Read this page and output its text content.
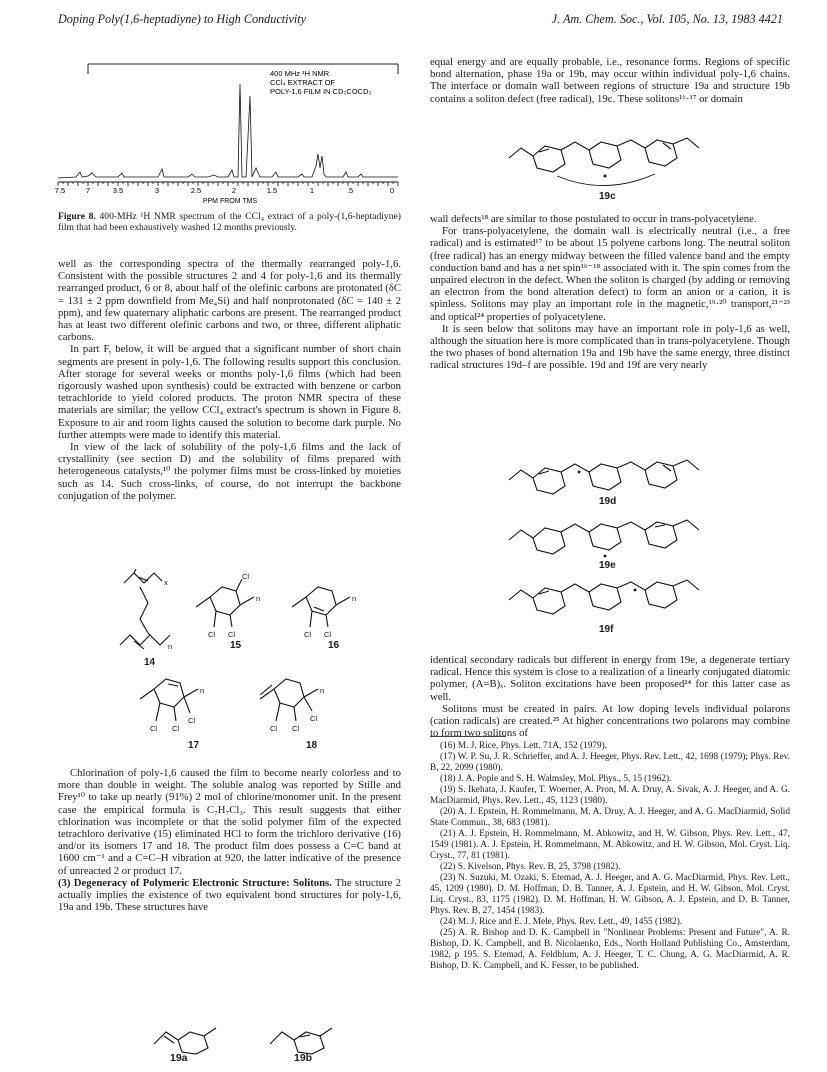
Doping Poly(1,6-heptadiyne) to High Conductivity	J. Am. Chem. Soc., Vol. 105, No. 13, 1983 4421
400 MHz ¹H NMR
CCl₄ EXTRACT OF
POLY-1,6 FILM IN CD₃COCD₃
7.5	7	3.5	3	2.5	2	1.5	1	.5	0
PPM FROM TMS
Figure 8. 400-MHz ¹H NMR spectrum of the CCl₄ extract of a poly-(1,6-heptadiyne) film that had been exhaustively washed 12 months previously.

well as the corresponding spectra of the thermally rearranged poly-1,6. Consistent with the possible structures 2 and 4 for poly-1,6 and its thermally rearranged product, 6 or 8, about half of the olefinic carbons are protonated (δC = 131 ± 2 ppm downfield from Me₄Si) and half nonprotonated (δC = 140 ± 2 ppm), and few quaternary aliphatic carbons are present. The rearranged product has at least two different olefinic carbons and two, or three, different aliphatic carbons.

In part F, below, it will be argued that a significant number of short chain segments are present in poly-1,6. The following results support this conclusion. After storage for several weeks or months poly-1,6 films (which had been rigorously washed upon synthesis) could be extracted with benzene or carbon tetrachloride to yield colored products. The proton NMR spectra of these materials are similar; the yellow CCl₄ extract's spectrum is shown in Figure 8. Exposure to air and room lights caused the solution to become dark purple. No further attempts were made to identify this material.

In view of the lack of solubility of the poly-1,6 films and the lack of crystallinity (see section D) and the solubility of films prepared with heterogeneous catalysts,¹⁰ the polymer films must be cross-linked by moieties such as 14. Such cross-links, of course, do not interrupt the backbone conjugation of the polymer.

x
n
Cl Cl
Cl
n
Cl Cl
n
Cl Cl
Cl
n
Cl Cl
Cl
n
14
15	16
17	18

Chlorination of poly-1,6 caused the film to become nearly colorless and to more than double in weight. The soluble analog was reported by Stille and Frey¹⁰ to take up nearly (91%) 2 mol of chlorine/monomer unit. In the present case the empirical formula is C₇H₇Cl₃. This result suggests that either chlorination was incomplete or that the solid polymer film of the expected tetrachloro derivative (15) eliminated HCl to form the trichloro derivative (16) and/or its isomers 17 and 18. The product film does possess a C=C band at 1600 cm⁻¹ and a C=C–H vibration at 920, the latter indicative of the presence of unreacted 2 or product 17.

(3) Degeneracy of Polymeric Electronic Structure: Solitons. The structure 2 actually implies the existence of two equivalent bond structures for poly-1,6, 19a and 19b. These structures have

19a	19b

equal energy and are equally probable, i.e., resonance forms. Regions of specific bond alternation, phase 19a or 19b, may occur within individual poly-1,6 chains. The interface or domain wall between regions of structure 19a and structure 19b contains a soliton defect (free radical), 19c. These solitons¹⁶·¹⁷ or domain

19c

wall defects¹⁸ are similar to those postulated to occur in trans-polyacetylene.

For trans-polyacetylene, the domain wall is electrically neutral (i.e., a free radical) and is estimated¹⁷ to be about 15 polyene carbons long. The neutral soliton (free radical) has an energy midway between the filled valence band and the empty conduction band and has a net spin¹⁶⁻¹⁸ associated with it. The spin comes from the unpaired electron in the defect. When the soliton is charged (by adding or removing an electron from the bond alteration defect) to form an anion or a cation, it is spinless. Solitons may play an important role in the magnetic,¹⁹·²⁰ transport,²¹⁻²³ and optical²⁴ properties of polyacetylene.

It is seen below that solitons may have an important role in poly-1,6 as well, although the situation here is more complicated than in trans-polyacetylene. Though the two phases of bond alternation 19a and 19b have the same energy, three distinct radical structures 19d–f are possible. 19d and 19f are very nearly

19d
19e
19f

identical secondary radicals but different in energy from 19e, a degenerate tertiary radical. Hence this system is close to a realization of a linearly conjugated diatomic polymer, (A=B)ₓ. Soliton excitations have been proposed²⁴ for this latter case as well.

Solitons must be created in pairs. At low doping levels individual polarons (cation radicals) are created.²⁵ At higher concentrations two polarons may combine to form two solitons of

(16) M. J. Rice, Phys. Lett. 71A, 152 (1979).
(17) W. P. Su, J. R. Schrieffer, and A. J. Heeger, Phys. Rev. Lett., 42, 1698 (1979); Phys. Rev. B, 22, 2099 (1980).
(18) J. A. Pople and S. H. Walmsley, Mol. Phys., 5, 15 (1962).
(19) S. Ikehata, J. Kaufer, T. Woerner, A. Pron, M. A. Druy, A. Sivak, A. J. Heeger, and A. G. MacDiarmid, Phys. Rev. Lett., 45, 1123 (1980).
(20) A. J. Epstein, H. Rommelmann, M. A. Druy, A. J. Heeger, and A. G. MacDiarmid, Solid State Commun., 38, 683 (1981).
(21) A. J. Epstein, H. Rommelmann, M. Abkowitz, and H. W. Gibson, Phys. Rev. Lett., 47, 1549 (1981). A. J. Epstein, H. Rommelmann, M. Abkowitz, and H. W. Gibson, Mol. Cryst. Liq. Cryst., 77, 81 (1981).
(22) S. Kivelson, Phys. Rev. B, 25, 3798 (1982).
(23) N. Suzuki, M. Ozaki, S. Etemad, A. J. Heeger, and A. G. MacDiarmid, Phys. Rev. Lett., 45, 1209 (1980). D. M. Hoffman, D. B. Tanner, A. J. Epstein, and H. W. Gibson, Mol. Cryst. Liq. Cryst., 83, 1175 (1982). D. M. Hoffman, H. W. Gibson, A. J. Epstein, and D. B. Tanner, Phys. Rev. B, 27, 1454 (1983).
(24) M. J. Rice and E. J. Mele, Phys. Rev. Lett., 49, 1455 (1982).
(25) A. R. Bishop and D. K. Campbell in "Nonlinear Problems: Present and Future", A. R. Bishop, D. K. Campbell, and B. Nicolaenko, Eds., North Holland Publishing Co., Amsterdam, 1982, p 195. S. Etemad, A. Feldblum, A. J. Heeger, T. C. Chung, A. G. MacDiarmid, A. R. Bishop, D. K. Campbell, and K. Fesser, to be published.
